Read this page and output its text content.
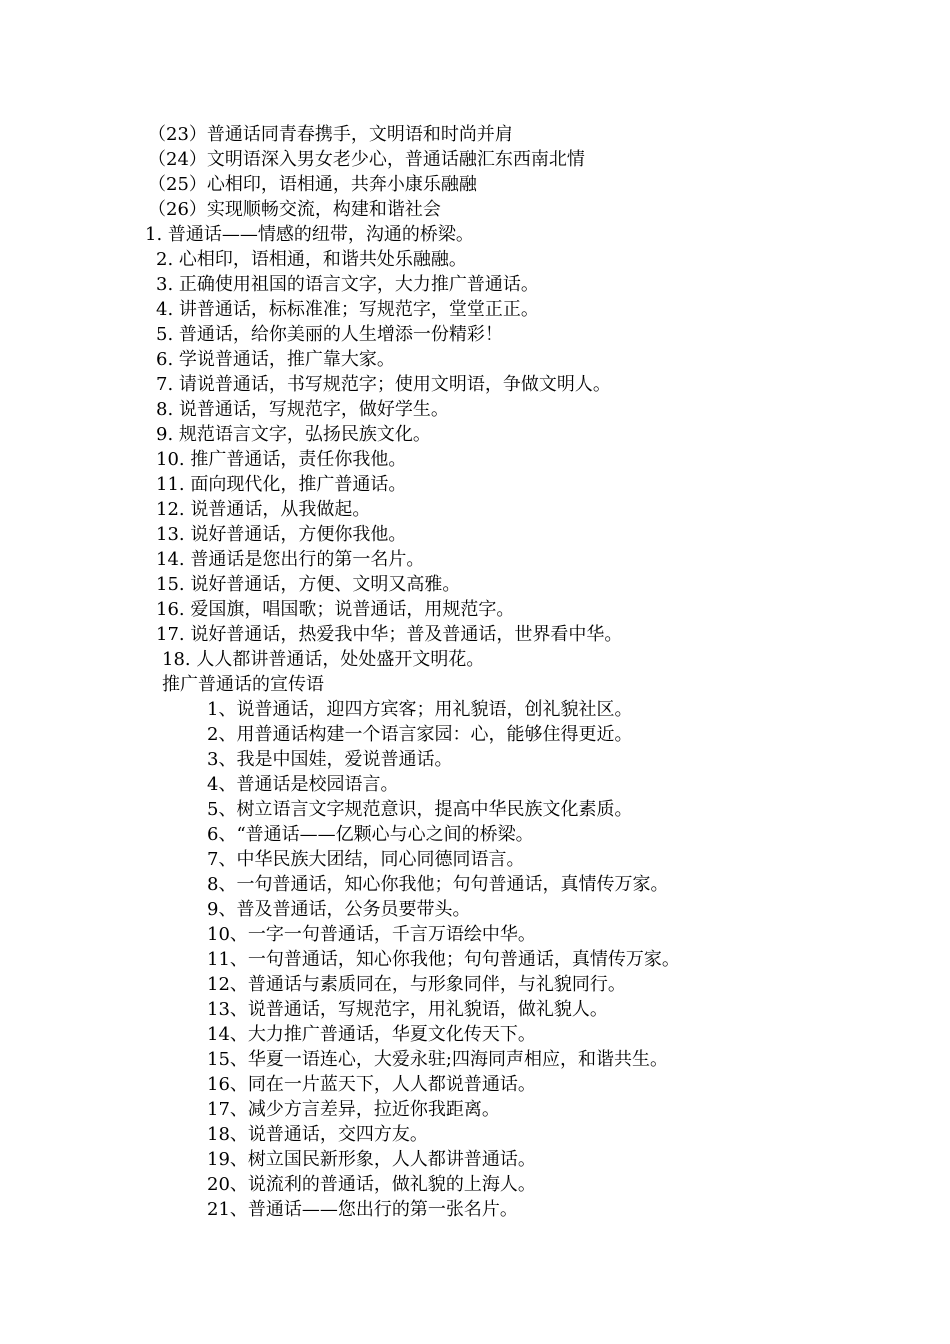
（23）普通话同青春携手，文明语和时尚并肩
（24）文明语深入男女老少心，普通话融汇东西南北情
（25）心相印，语相通，共奔小康乐融融
（26）实现顺畅交流，构建和谐社会
1. 普通话——情感的纽带，沟通的桥梁。
2. 心相印，语相通，和谐共处乐融融。
3. 正确使用祖国的语言文字，大力推广普通话。
4. 讲普通话，标标准准；写规范字，堂堂正正。
5. 普通话，给你美丽的人生增添一份精彩！
6. 学说普通话，推广靠大家。
7. 请说普通话，书写规范字；使用文明语，争做文明人。
8. 说普通话，写规范字，做好学生。
9. 规范语言文字，弘扬民族文化。
10. 推广普通话，责任你我他。
11. 面向现代化，推广普通话。
12. 说普通话，从我做起。
13. 说好普通话，方便你我他。
14. 普通话是您出行的第一名片。
15. 说好普通话，方便、文明又高雅。
16. 爱国旗，唱国歌；说普通话，用规范字。
17. 说好普通话，热爱我中华；普及普通话，世界看中华。
18. 人人都讲普通话，处处盛开文明花。
推广普通话的宣传语
1、说普通话，迎四方宾客；用礼貌语，创礼貌社区。
2、用普通话构建一个语言家园：心，能够住得更近。
3、我是中国娃，爱说普通话。
4、普通话是校园语言。
5、树立语言文字规范意识，提高中华民族文化素质。
6、“普通话——亿颗心与心之间的桥梁。
7、中华民族大团结，同心同德同语言。
8、一句普通话，知心你我他；句句普通话，真情传万家。
9、普及普通话，公务员要带头。
10、一字一句普通话，千言万语绘中华。
11、一句普通话，知心你我他；句句普通话，真情传万家。
12、普通话与素质同在，与形象同伴，与礼貌同行。
13、说普通话，写规范字，用礼貌语，做礼貌人。
14、大力推广普通话，华夏文化传天下。
15、华夏一语连心，大爱永驻;四海同声相应，和谐共生。
16、同在一片蓝天下，人人都说普通话。
17、减少方言差异，拉近你我距离。
18、说普通话，交四方友。
19、树立国民新形象，人人都讲普通话。
20、说流利的普通话，做礼貌的上海人。
21、普通话——您出行的第一张名片。
